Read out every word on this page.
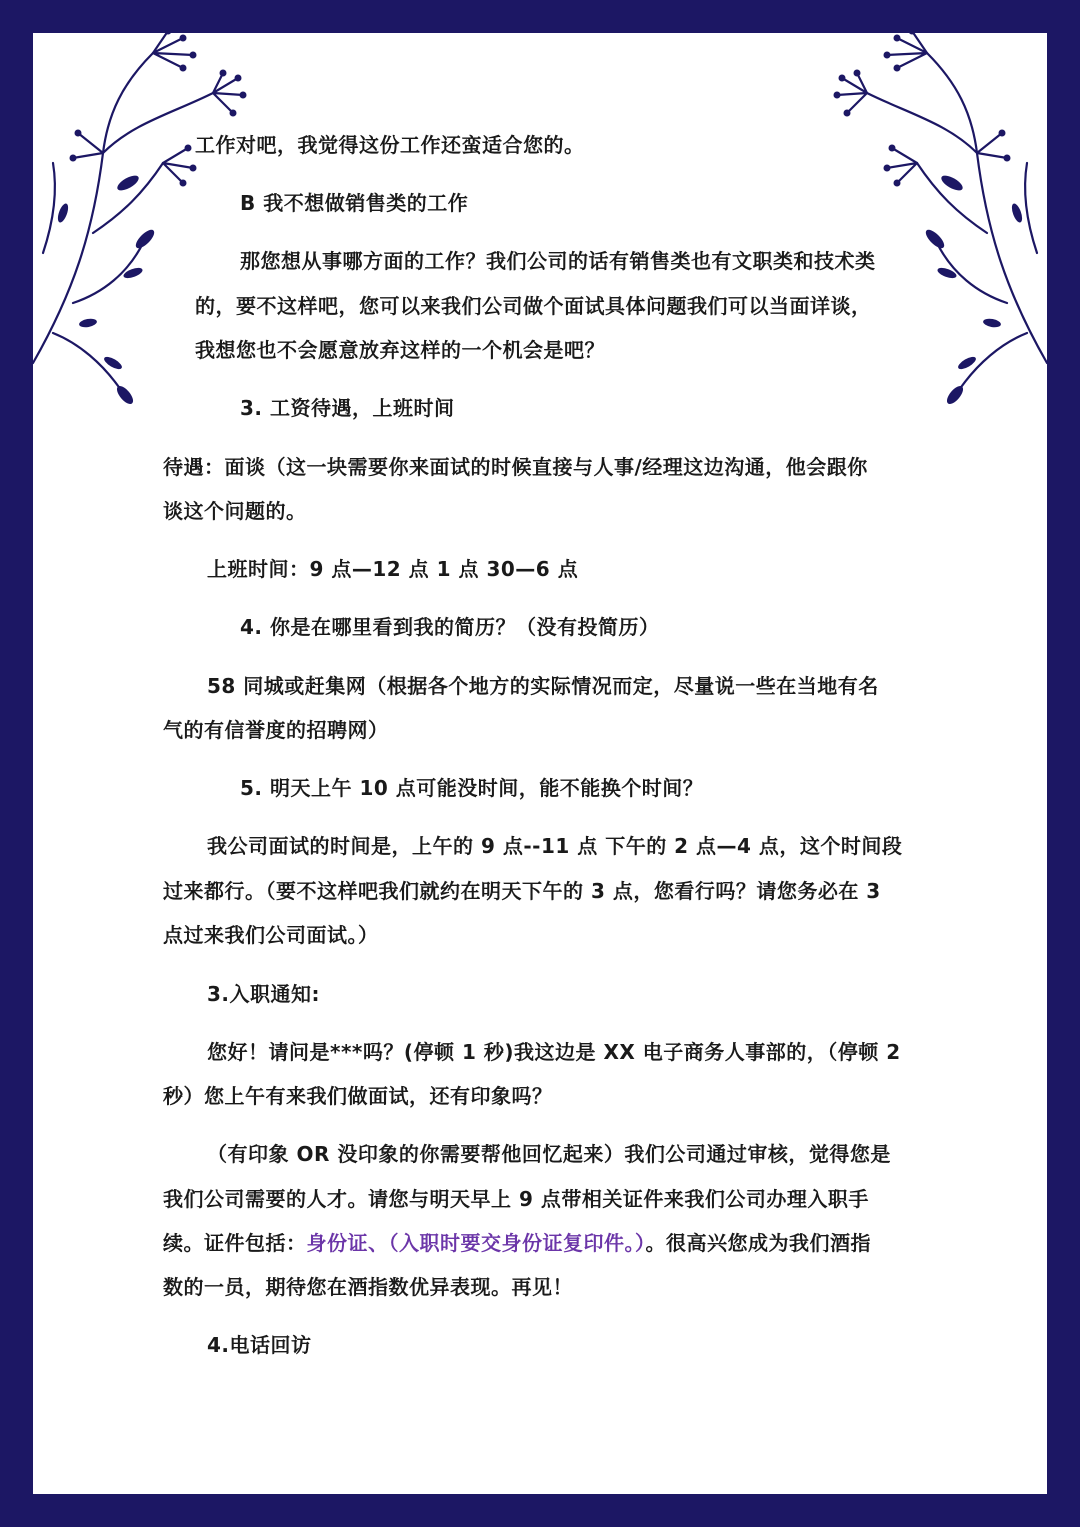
工作对吧，我觉得这份工作还蛮适合您的。
B 我不想做销售类的工作
那您想从事哪方面的工作？我们公司的话有销售类也有文职类和技术类
的，要不这样吧，您可以来我们公司做个面试具体问题我们可以当面详谈，
我想您也不会愿意放弃这样的一个机会是吧？
3. 工资待遇，上班时间
待遇：面谈（这一块需要你来面试的时候直接与人事/经理这边沟通，他会跟你
谈这个问题的。
上班时间：9 点—12 点 1 点 30—6 点
4. 你是在哪里看到我的简历？（没有投简历）
58 同城或赶集网（根据各个地方的实际情况而定，尽量说一些在当地有名
气的有信誉度的招聘网）
5. 明天上午 10 点可能没时间，能不能换个时间？
我公司面试的时间是，上午的 9 点--11 点 下午的 2 点—4 点，这个时间段
过来都行。（要不这样吧我们就约在明天下午的 3 点，您看行吗？请您务必在 3
点过来我们公司面试。）
3.入职通知:
您好！请问是***吗？(停顿 1 秒)我这边是 XX 电子商务人事部的，（停顿 2
秒）您上午有来我们做面试，还有印象吗？
（有印象 OR 没印象的你需要帮他回忆起来）我们公司通过审核，觉得您是
我们公司需要的人才。请您与明天早上 9 点带相关证件来我们公司办理入职手
续。证件包括：身份证、（入职时要交身份证复印件。）。很高兴您成为我们酒指
数的一员，期待您在酒指数优异表现。再见！
4.电话回访
